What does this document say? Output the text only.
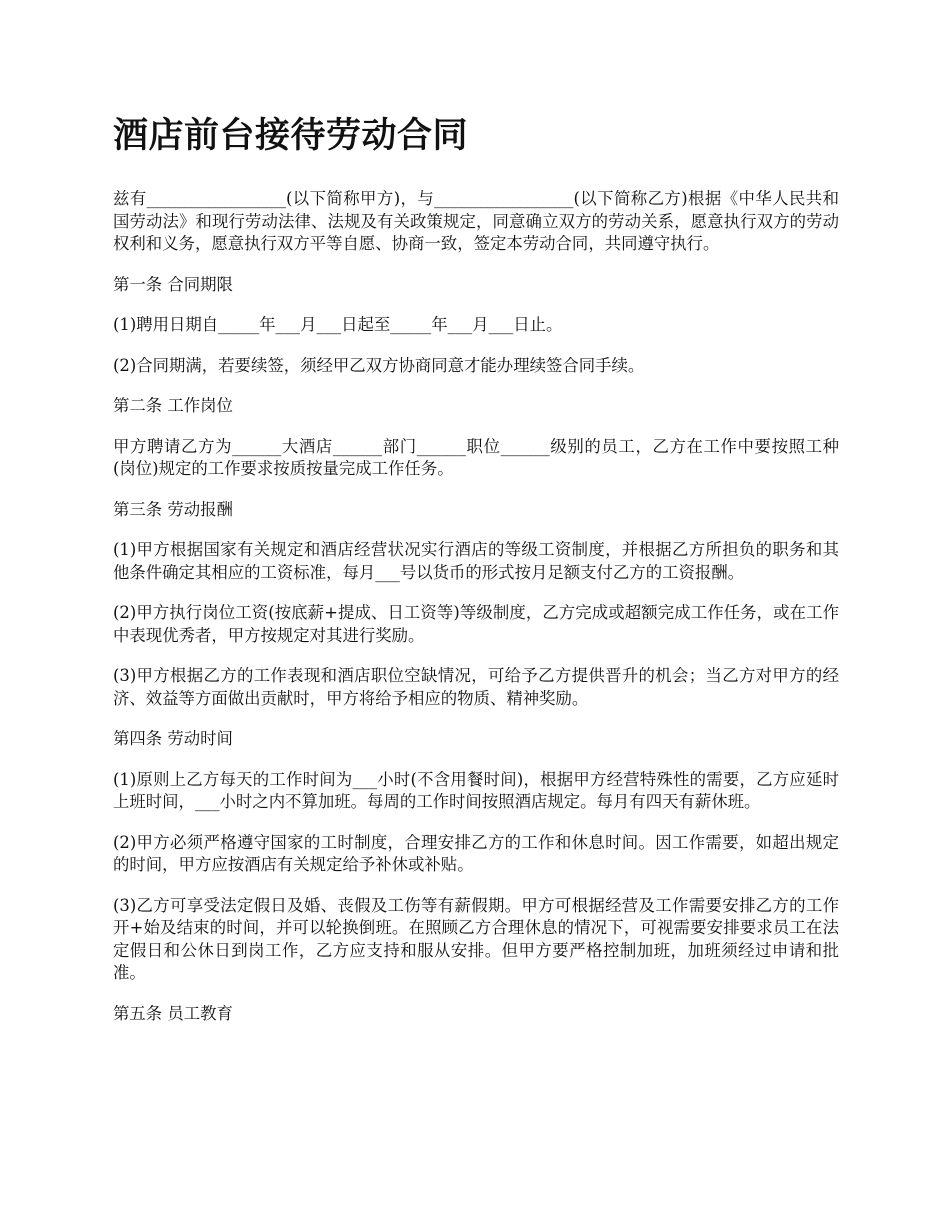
酒店前台接待劳动合同

兹有_________________(以下简称甲方)，与_________________(以下简称乙方)根据《中华人民共和国劳动法》和现行劳动法律、法规及有关政策规定，同意确立双方的劳动关系，愿意执行双方的劳动权利和义务，愿意执行双方平等自愿、协商一致，签定本劳动合同，共同遵守执行。

第一条 合同期限

(1)聘用日期自_____年___月___日起至_____年___月___日止。

(2)合同期满，若要续签，须经甲乙双方协商同意才能办理续签合同手续。

第二条 工作岗位

甲方聘请乙方为______大酒店______部门______职位______级别的员工，乙方在工作中要按照工种(岗位)规定的工作要求按质按量完成工作任务。

第三条 劳动报酬

(1)甲方根据国家有关规定和酒店经营状况实行酒店的等级工资制度，并根据乙方所担负的职务和其他条件确定其相应的工资标准，每月___号以货币的形式按月足额支付乙方的工资报酬。

(2)甲方执行岗位工资(按底薪+提成、日工资等)等级制度，乙方完成或超额完成工作任务，或在工作中表现优秀者，甲方按规定对其进行奖励。

(3)甲方根据乙方的工作表现和酒店职位空缺情况，可给予乙方提供晋升的机会；当乙方对甲方的经济、效益等方面做出贡献时，甲方将给予相应的物质、精神奖励。

第四条 劳动时间

(1)原则上乙方每天的工作时间为___小时(不含用餐时间)，根据甲方经营特殊性的需要，乙方应延时上班时间，___小时之内不算加班。每周的工作时间按照酒店规定。每月有四天有薪休班。

(2)甲方必须严格遵守国家的工时制度，合理安排乙方的工作和休息时间。因工作需要，如超出规定的时间，甲方应按酒店有关规定给予补休或补贴。

(3)乙方可享受法定假日及婚、丧假及工伤等有薪假期。甲方可根据经营及工作需要安排乙方的工作开+始及结束的时间，并可以轮换倒班。在照顾乙方合理休息的情况下，可视需要安排要求员工在法定假日和公休日到岗工作，乙方应支持和服从安排。但甲方要严格控制加班，加班须经过申请和批准。

第五条 员工教育
